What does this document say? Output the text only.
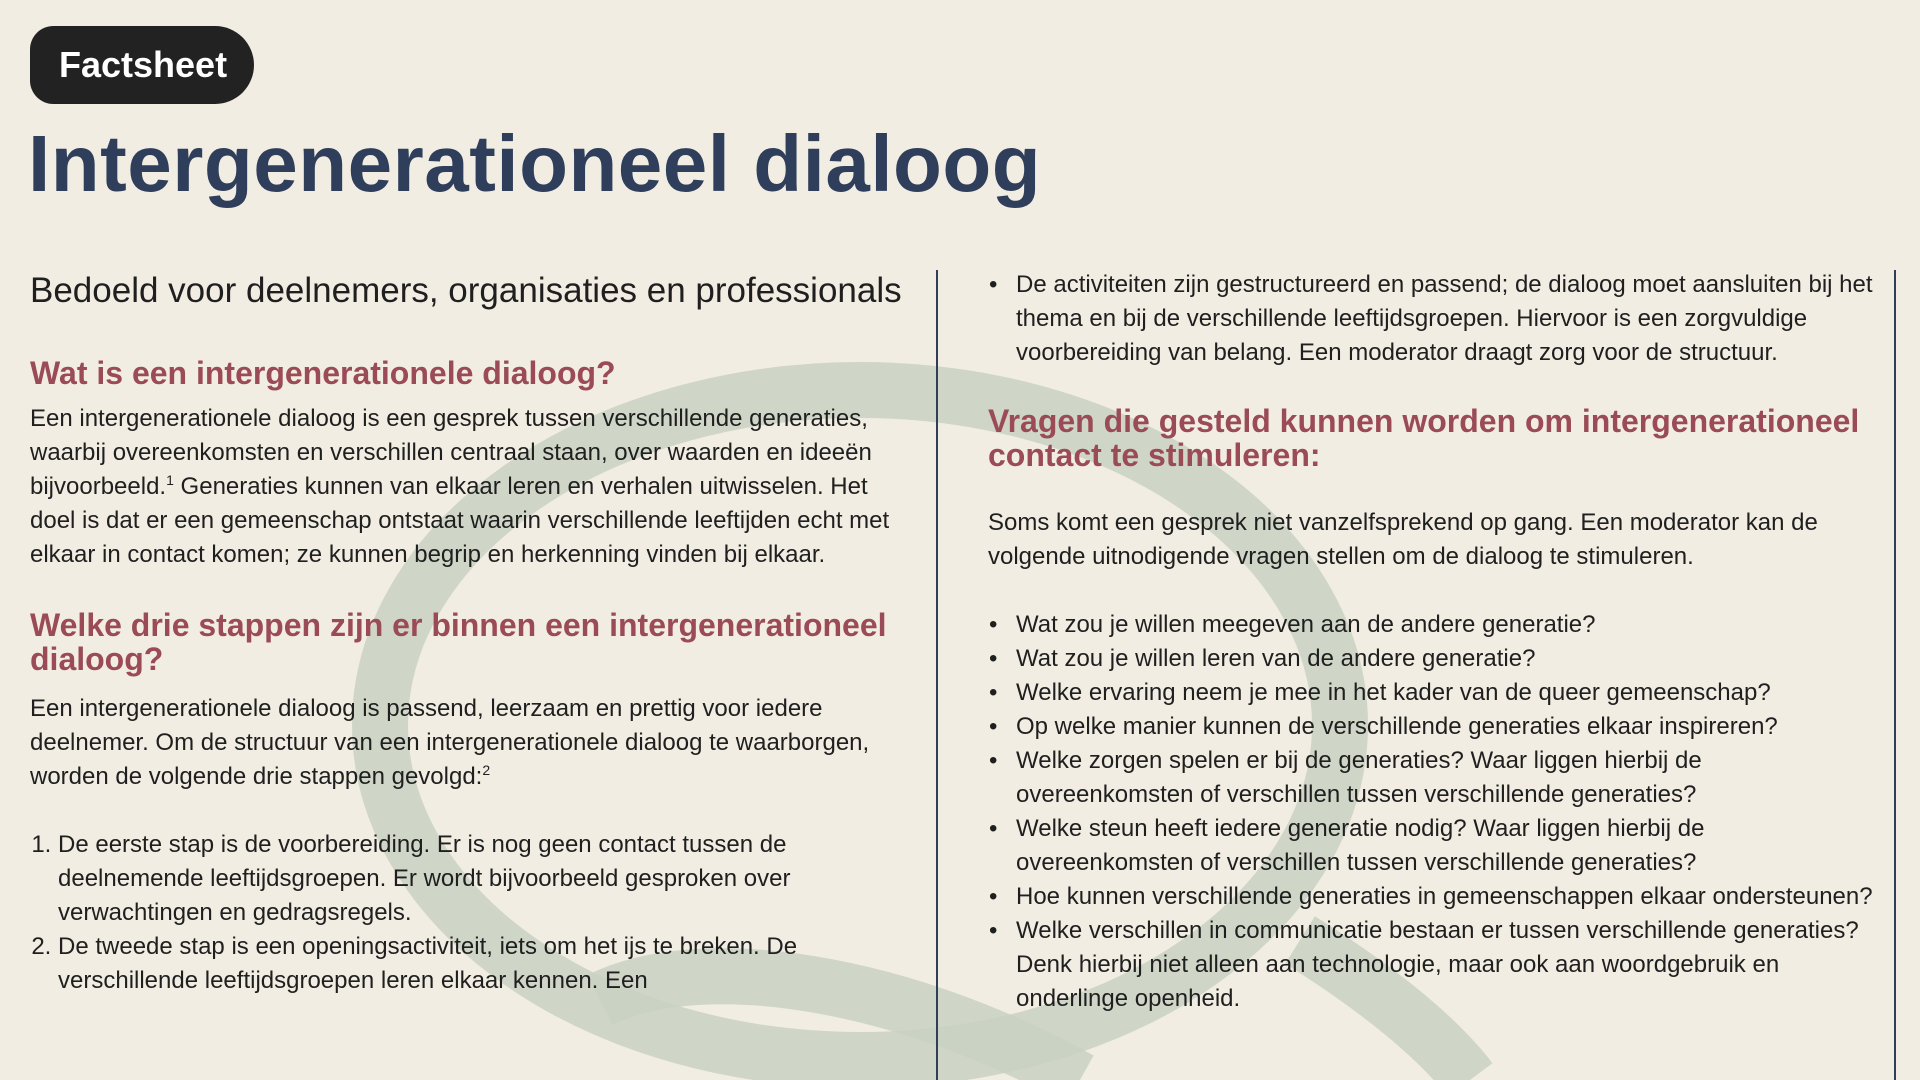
Factsheet
Intergenerationeel dialoog

Bedoeld voor deelnemers, organisaties en professionals

Wat is een intergenerationele dialoog?

Een intergenerationele dialoog is een gesprek tussen verschillende generaties, waarbij overeenkomsten en verschillen centraal staan, over waarden en ideeën bijvoorbeeld.$^1$ Generaties kunnen van elkaar leren en verhalen uitwisselen. Het doel is dat er een gemeenschap ontstaat waarin verschillende leeftijden echt met elkaar in contact komen; ze kunnen begrip en herkenning vinden bij elkaar.

Welke drie stappen zijn er binnen een intergenerationeel dialoog?

Een intergenerationele dialoog is passend, leerzaam en prettig voor iedere deelnemer. Om de structuur van een intergenerationele dialoog te waarborgen, worden de volgende drie stappen gevolgd:$^2$

1. De eerste stap is de voorbereiding. Er is nog geen contact tussen de deelnemende leeftijdsgroepen. Er wordt bijvoorbeeld gesproken over verwachtingen en gedragsregels.
2. De tweede stap is een openingsactiviteit, iets om het ijs te breken. De verschillende leeftijdsgroepen leren elkaar kennen. Een
• De activiteiten zijn gestructureerd en passend; de dialoog moet aansluiten bij het thema en bij de verschillende leeftijdsgroepen. Hiervoor is een zorgvuldige voorbereiding van belang. Een moderator draagt zorg voor de structuur.
Vragen die gesteld kunnen worden om intergenerationeel contact te stimuleren:

Soms komt een gesprek niet vanzelfsprekend op gang. Een moderator kan de volgende uitnodigende vragen stellen om de dialoog te stimuleren.

• Wat zou je willen meegeven aan de andere generatie?
• Wat zou je willen leren van de andere generatie?
• Welke ervaring neem je mee in het kader van de queer gemeenschap?
• Op welke manier kunnen de verschillende generaties elkaar inspireren?
• Welke zorgen spelen er bij de generaties? Waar liggen hierbij de overeenkomsten of verschillen tussen verschillende generaties?
• Welke steun heeft iedere generatie nodig? Waar liggen hierbij de overeenkomsten of verschillen tussen verschillende generaties?
• Hoe kunnen verschillende generaties in gemeenschappen elkaar ondersteunen?
• Welke verschillen in communicatie bestaan er tussen verschillende generaties? Denk hierbij niet alleen aan technologie, maar ook aan woordgebruik en onderlinge openheid.
